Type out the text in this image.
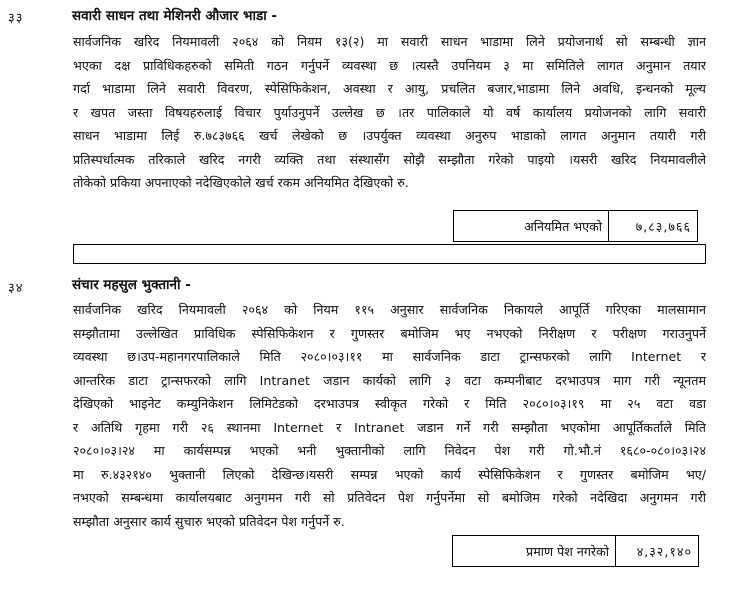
३३	सवारी साधन तथा मेशिनरी औजार भाडा -
सार्वजनिक खरिद नियमावली २०६४ को नियम १३(२) मा सवारी साधन भाडामा लिने प्रयोजनार्थ सो सम्बन्धी ज्ञान
भएका दक्ष प्राविधिकहरुको समिती गठन गर्नुपर्ने व्यवस्था छ ।त्यस्तै उपनियम ३ मा समितिले लागत अनुमान तयार
गर्दा भाडामा लिने सवारी विवरण, स्पेसिफिकेशन, अवस्था र आयु, प्रचलित बजार,भाडामा लिने अवधि, इन्धनको मूल्य
र खपत जस्ता विषयहरुलाई विचार पुर्याउनुपर्ने उल्लेख छ ।तर पालिकाले यो वर्ष कार्यालय प्रयोजनको लागि सवारी
साधन भाडामा लिई रु.७८३७६६ खर्च लेखेको छ ।उपर्युक्त व्यवस्था अनुरुप भाडाको लागत अनुमान तयारी गरी
प्रतिस्पर्धात्मक तरिकाले खरिद नगरी व्यक्ति तथा संस्थासँग सोझै सम्झौता गरेको पाइयो ।यसरी खरिद नियमावलीले
तोकेको प्रकिया अपनाएको नदेखिएकोले खर्च रकम अनियमित देखिएको रु.
अनियमित भएको	७,८३,७६६
३४	संचार महसुल भुक्तानी -
सार्वजनिक खरिद नियमावली २०६४ को नियम ११५ अनुसार सार्वजनिक निकायले आपूर्ति गरिएका मालसामान
सम्झौतामा उल्लेखित प्राविधिक स्पेसिफिकेशन र गुणस्तर बमोजिम भए नभएको निरीक्षण र परीक्षण गराउनुपर्ने
व्यवस्था छ।उप-महानगरपालिकाले मिति २०८०।०३।११ मा सार्वजनिक डाटा ट्रान्सफरको लागि Internet र
आन्तरिक डाटा ट्रान्सफरको लागि Intranet जडान कार्यको लागि ३ वटा कम्पनीबाट दरभाउपत्र माग गरी न्यूनतम
देखिएको भाइनेट कम्युनिकेशन लिमिटेडको दरभाउपत्र स्वीकृत गरेको र मिति २०८०।०३।१९ मा २५ वटा वडा
र अतिथि गृहमा गरी २६ स्थानमा Internet र Intranet जडान गर्ने गरी सम्झौता भएकोमा आपूर्तिकर्ताले मिति
२०८०।०३।२४ मा कार्यसम्पन्न भएको भनी भुक्तानीको लागि निवेदन पेश गरी गो.भौ.नं १६८०-०८०।०३।२४
मा रु.४३२१४० भुक्तानी लिएको देखिन्छ।यसरी सम्पन्न भएको कार्य स्पेसिफिकेशन र गुणस्तर बमोजिम भए/
नभएको सम्बन्धमा कार्यालयबाट अनुगमन गरी सो प्रतिवेदन पेश गर्नुपर्नेमा सो बमोजिम गरेको नदेखिदा अनुगमन गरी
सम्झौता अनुसार कार्य सुचारु भएको प्रतिवेदन पेश गर्नुपर्ने रु.
प्रमाण पेश नगरेको	४,३२,१४०
